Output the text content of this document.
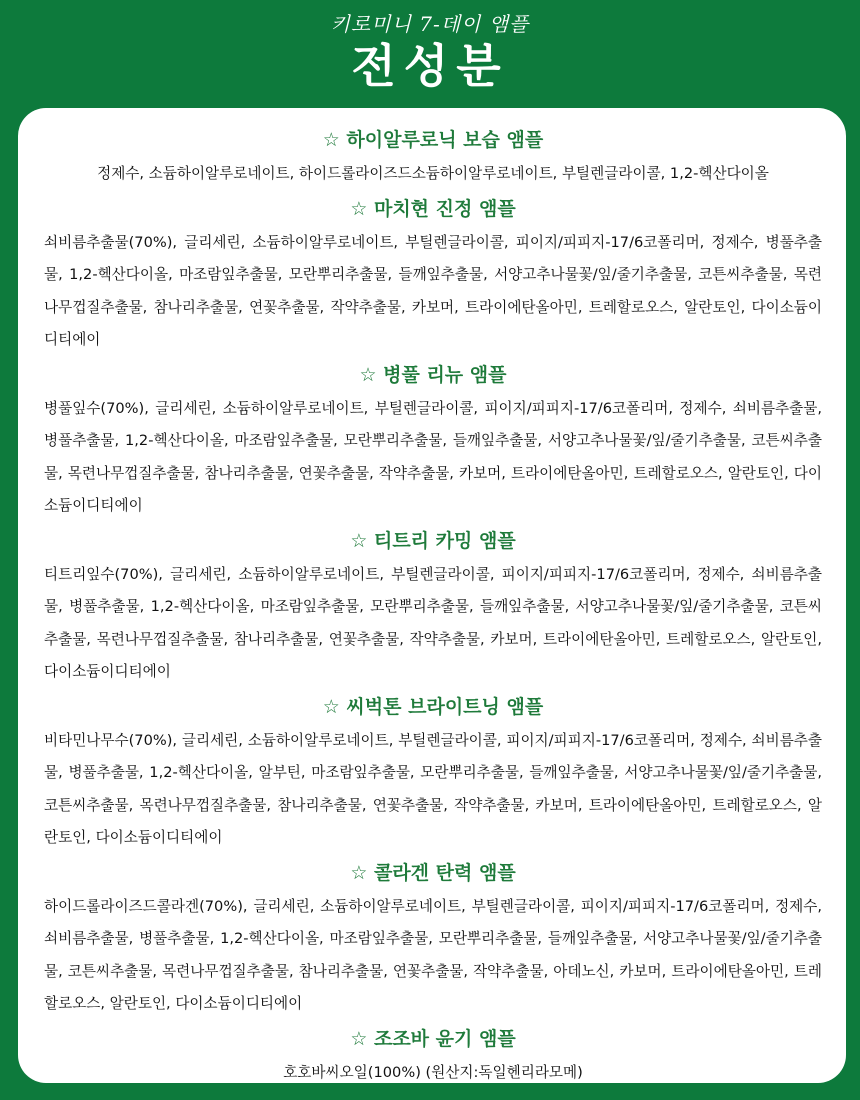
키로미니 7-데이 앰플
전성분
☆ 하이알루로닉 보습 앰플

정제수, 소듐하이알루로네이트, 하이드롤라이즈드소듐하이알루로네이트, 부틸렌글라이콜, 1,2-헥산다이올

☆ 마치현 진정 앰플

쇠비름추출물(70%), 글리세린, 소듐하이알루로네이트, 부틸렌글라이콜, 피이지/피피지-17/6코폴리머, 정제수, 병풀추출물, 1,2-헥산다이올, 마조람잎추출물, 모란뿌리추출물, 들깨잎추출물, 서양고추나물꽃/잎/줄기추출물, 코튼씨추출물, 목련나무껍질추출물, 참나리추출물, 연꽃추출물, 작약추출물, 카보머, 트라이에탄올아민, 트레할로오스, 알란토인, 다이소듐이디티에이

☆ 병풀 리뉴 앰플

병풀잎수(70%), 글리세린, 소듐하이알루로네이트, 부틸렌글라이콜, 피이지/피피지-17/6코폴리머, 정제수, 쇠비름추출물, 병풀추출물, 1,2-헥산다이올, 마조람잎추출물, 모란뿌리추출물, 들깨잎추출물, 서양고추나물꽃/잎/줄기추출물, 코튼씨추출물, 목련나무껍질추출물, 참나리추출물, 연꽃추출물, 작약추출물, 카보머, 트라이에탄올아민, 트레할로오스, 알란토인, 다이소듐이디티에이

☆ 티트리 카밍 앰플

티트리잎수(70%), 글리세린, 소듐하이알루로네이트, 부틸렌글라이콜, 피이지/피피지-17/6코폴리머, 정제수, 쇠비름추출물, 병풀추출물, 1,2-헥산다이올, 마조람잎추출물, 모란뿌리추출물, 들깨잎추출물, 서양고추나물꽃/잎/줄기추출물, 코튼씨추출물, 목련나무껍질추출물, 참나리추출물, 연꽃추출물, 작약추출물, 카보머, 트라이에탄올아민, 트레할로오스, 알란토인, 다이소듐이디티에이

☆ 씨벅톤 브라이트닝 앰플

비타민나무수(70%), 글리세린, 소듐하이알루로네이트, 부틸렌글라이콜, 피이지/피피지-17/6코폴리머, 정제수, 쇠비름추출물, 병풀추출물, 1,2-헥산다이올, 알부틴, 마조람잎추출물, 모란뿌리추출물, 들깨잎추출물, 서양고추나물꽃/잎/줄기추출물, 코튼씨추출물, 목련나무껍질추출물, 참나리추출물, 연꽃추출물, 작약추출물, 카보머, 트라이에탄올아민, 트레할로오스, 알란토인, 다이소듐이디티에이

☆ 콜라겐 탄력 앰플

하이드롤라이즈드콜라겐(70%), 글리세린, 소듐하이알루로네이트, 부틸렌글라이콜, 피이지/피피지-17/6코폴리머, 정제수, 쇠비름추출물, 병풀추출물, 1,2-헥산다이올, 마조람잎추출물, 모란뿌리추출물, 들깨잎추출물, 서양고추나물꽃/잎/줄기추출물, 코튼씨추출물, 목련나무껍질추출물, 참나리추출물, 연꽃추출물, 작약추출물, 아데노신, 카보머, 트라이에탄올아민, 트레할로오스, 알란토인, 다이소듐이디티에이

☆ 조조바 윤기 앰플

호호바씨오일(100%) (원산지:독일헨리라모메)
